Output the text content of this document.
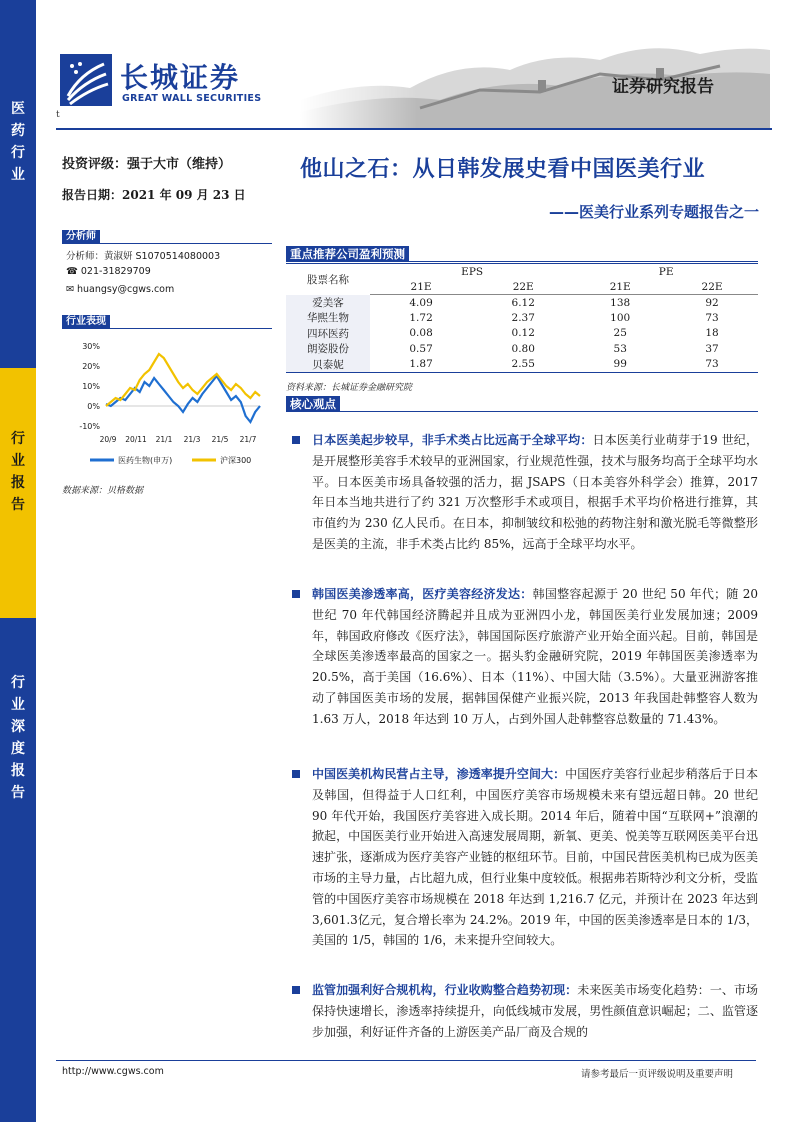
医药行业
行业报告
行业深度报告
长城证券
GREAT WALL SECURITIES
t
证券研究报告
投资评级：强于大市（维持）
报告日期：2021 年 09 月 23 日
分析师
分析师：黄淑妍 S1070514080003
☎ 021-31829709
✉ huangsy@cgws.com
行业表现
30%
20%
10%
0%
-10%
20/9 20/11 21/1 21/3 21/5 21/7
医药生物(申万)	沪深300
数据来源：贝格数据
他山之石：从日韩发展史看中国医美行业
——医美行业系列专题报告之一
重点推荐公司盈利预测
股票名称	EPS		PE	
	21E	22E	21E	22E
爱美客	4.09	6.12	138	92
华熙生物	1.72	2.37	100	73
四环医药	0.08	0.12	25	18
朗姿股份	0.57	0.80	53	37
贝泰妮	1.87	2.55	99	73
资料来源：长城证券金融研究院
核心观点

日本医美起步较早，非手术类占比远高于全球平均：日本医美行业萌芽于19 世纪，是开展整形美容手术较早的亚洲国家，行业规范性强，技术与服务均高于全球平均水平。日本医美市场具备较强的活力，据 JSAPS（日本美容外科学会）推算，2017 年日本当地共进行了约 321 万次整形手术或项目，根据手术平均价格进行推算，其市值约为 230 亿人民币。在日本，抑制皱纹和松弛的药物注射和激光脱毛等微整形是医美的主流，非手术类占比约 85%，远高于全球平均水平。

韩国医美渗透率高，医疗美容经济发达：韩国整容起源于 20 世纪 50 年代；随 20 世纪 70 年代韩国经济腾起并且成为亚洲四小龙，韩国医美行业发展加速；2009 年，韩国政府修改《医疗法》，韩国国际医疗旅游产业开始全面兴起。目前，韩国是全球医美渗透率最高的国家之一。据头豹金融研究院，2019 年韩国医美渗透率为 20.5%，高于美国（16.6%）、日本（11%）、中国大陆（3.5%）。大量亚洲游客推动了韩国医美市场的发展，据韩国保健产业振兴院，2013 年我国赴韩整容人数为 1.63 万人，2018 年达到 10 万人，占到外国人赴韩整容总数量的 71.43%。

中国医美机构民营占主导，渗透率提升空间大：中国医疗美容行业起步稍落后于日本及韩国，但得益于人口红利，中国医疗美容市场规模未来有望远超日韩。20 世纪 90 年代开始，我国医疗美容进入成长期。2014 年后，随着中国“互联网+”浪潮的掀起，中国医美行业开始进入高速发展周期，新氧、更美、悦美等互联网医美平台迅速扩张，逐渐成为医疗美容产业链的枢纽环节。目前，中国民营医美机构已成为医美市场的主导力量，占比超九成，但行业集中度较低。根据弗若斯特沙利文分析，受监管的中国医疗美容市场规模在 2018 年达到 1,216.7 亿元，并预计在 2023 年达到 3,601.3亿元，复合增长率为 24.2%。2019 年，中国的医美渗透率是日本的 1/3，美国的 1/5，韩国的 1/6，未来提升空间较大。

监管加强利好合规机构，行业收购整合趋势初现：未来医美市场变化趋势：一、市场保持快速增长，渗透率持续提升，向低线城市发展，男性颜值意识崛起；二、监管逐步加强，利好证件齐备的上游医美产品厂商及合规的

http://www.cgws.com	请参考最后一页评级说明及重要声明
